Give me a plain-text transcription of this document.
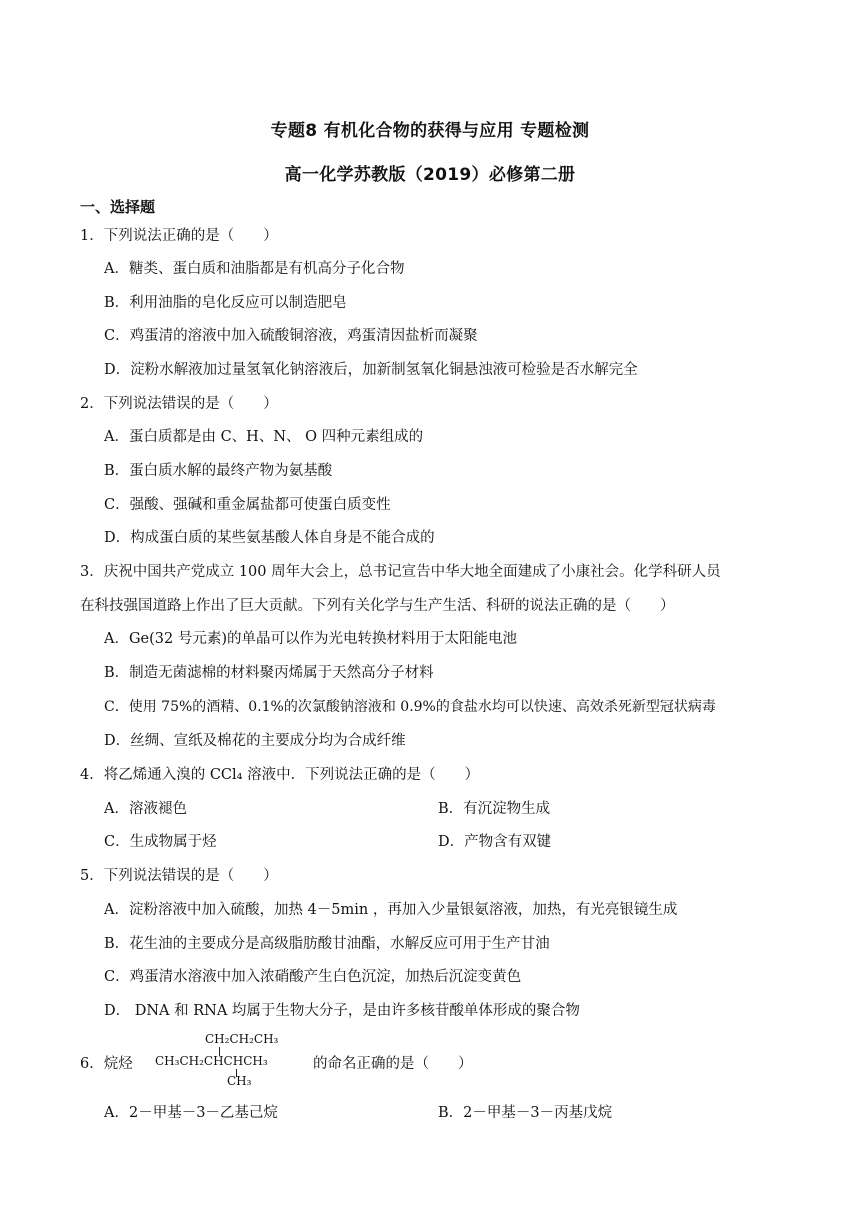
专题8 有机化合物的获得与应用 专题检测
高一化学苏教版（2019）必修第二册
一、选择题
1．下列说法正确的是（　　）
A．糖类、蛋白质和油脂都是有机高分子化合物
B．利用油脂的皂化反应可以制造肥皂
C．鸡蛋清的溶液中加入硫酸铜溶液，鸡蛋清因盐析而凝聚
D．淀粉水解液加过量氢氧化钠溶液后，加新制氢氧化铜悬浊液可检验是否水解完全
2．下列说法错误的是（　　）
A．蛋白质都是由 C、H、N、 O 四种元素组成的
B．蛋白质水解的最终产物为氨基酸
C．强酸、强碱和重金属盐都可使蛋白质变性
D．构成蛋白质的某些氨基酸人体自身是不能合成的
3．庆祝中国共产党成立 100 周年大会上，总书记宣告中华大地全面建成了小康社会。化学科研人员
在科技强国道路上作出了巨大贡献。下列有关化学与生产生活、科研的说法正确的是（　　）
A．Ge(32 号元素)的单晶可以作为光电转换材料用于太阳能电池
B．制造无菌滤棉的材料聚丙烯属于天然高分子材料
C．使用 75%的酒精、0.1%的次氯酸钠溶液和 0.9%的食盐水均可以快速、高效杀死新型冠状病毒
D．丝绸、宣纸及棉花的主要成分均为合成纤维
4．将乙烯通入溴的 CCl₄ 溶液中．下列说法正确的是（　　）
A．溶液褪色	B．有沉淀物生成
C．生成物属于烃	D．产物含有双键
5．下列说法错误的是（　　）
A．淀粉溶液中加入硫酸，加热 4－5min ，再加入少量银氨溶液，加热，有光亮银镜生成
B．花生油的主要成分是高级脂肪酸甘油酯，水解反应可用于生产甘油
C．鸡蛋清水溶液中加入浓硝酸产生白色沉淀，加热后沉淀变黄色
D． DNA 和 RNA 均属于生物大分子，是由许多核苷酸单体形成的聚合物
6．烷烃
CH₂CH₂CH₃
CH₃CH₂CHCHCH₃
CH₃
的命名正确的是（　　）
A．2－甲基－3－乙基己烷	B．2－甲基－3－丙基戊烷
